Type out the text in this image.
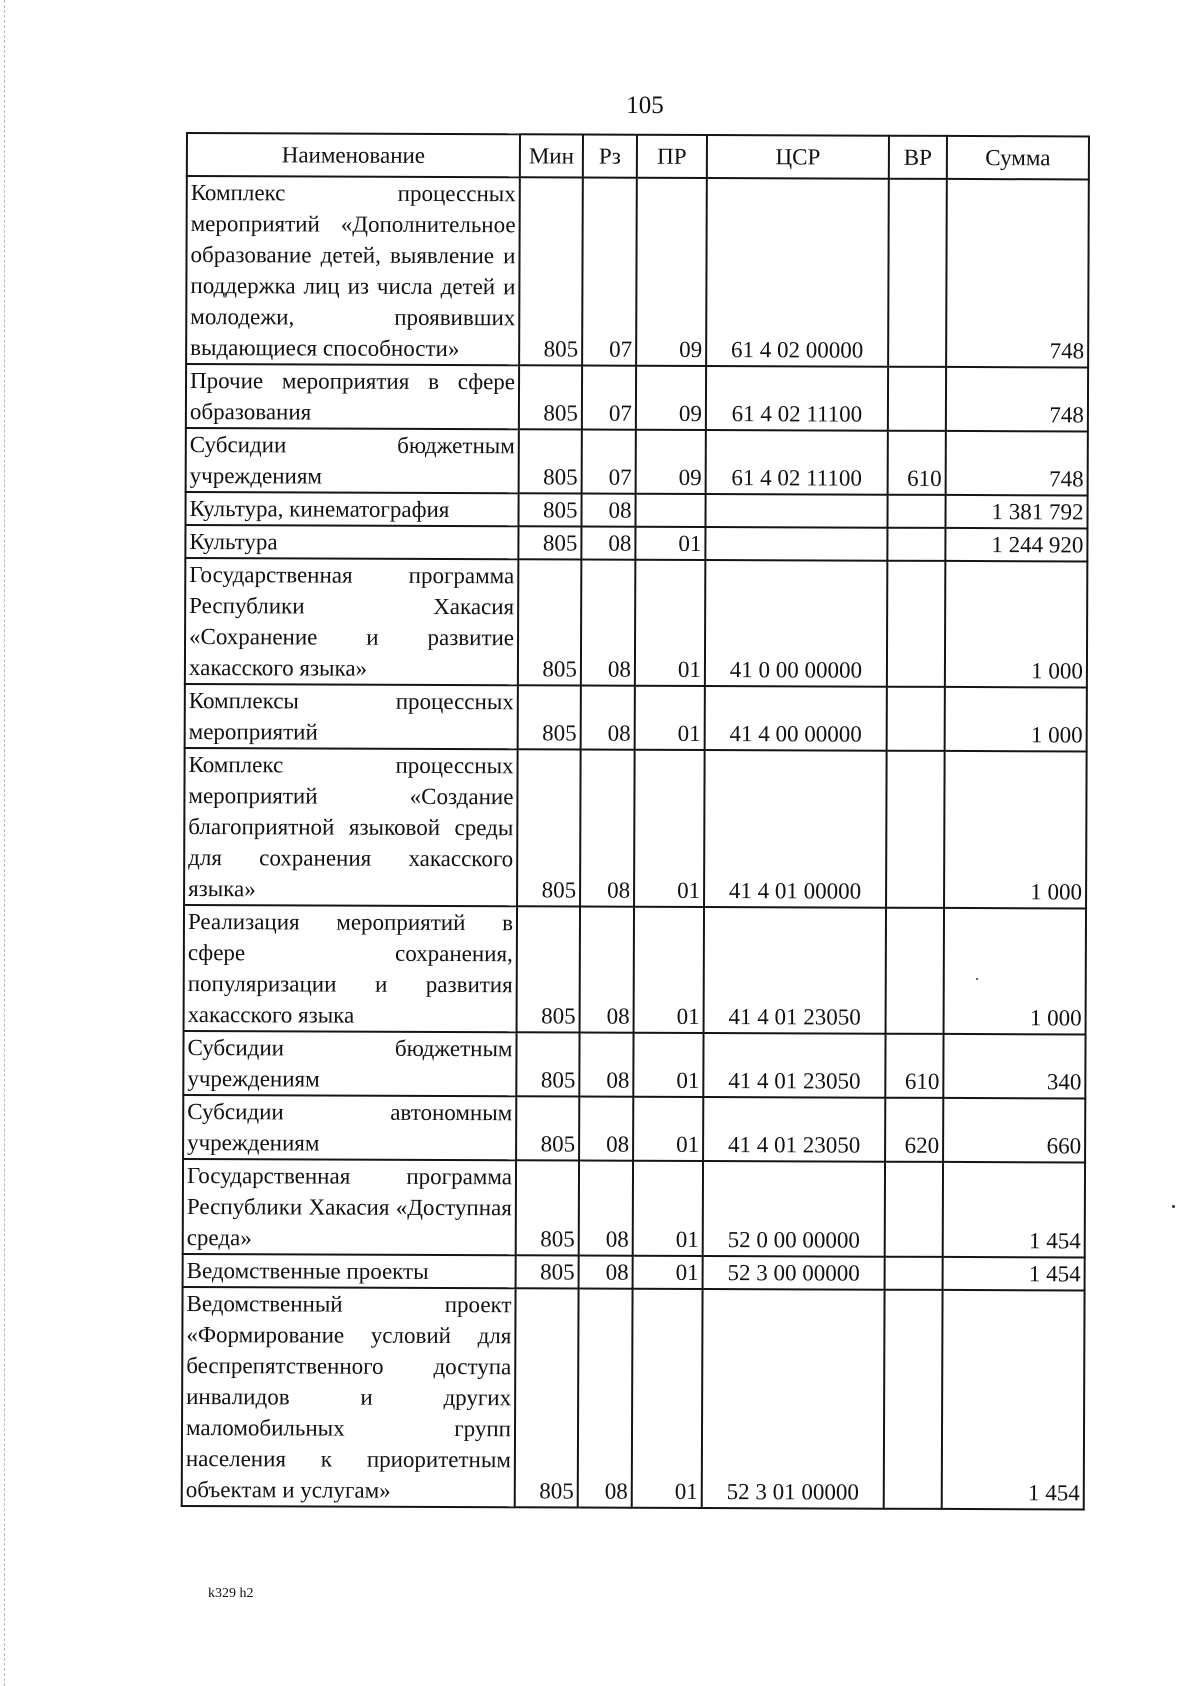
105
Наименование	Мин	Рз	ПР	ЦСР	ВР	Сумма
Комплекс процессных мероприятий «Дополнительное образование детей, выявление и поддержка лиц из числа детей и молодежи, проявивших выдающиеся способности»	805	07	09	61 4 02 00000		748
Прочие мероприятия в сфере образования	805	07	09	61 4 02 11100		748
Субсидии бюджетным учреждениям	805	07	09	61 4 02 11100	610	748
Культура, кинематография	805	08				1 381 792
Культура	805	08	01			1 244 920
Государственная программа Республики Хакасия «Сохранение и развитие хакасского языка»	805	08	01	41 0 00 00000		1 000
Комплексы процессных мероприятий	805	08	01	41 4 00 00000		1 000
Комплекс процессных мероприятий «Создание благоприятной языковой среды для сохранения хакасского языка»	805	08	01	41 4 01 00000		1 000
Реализация мероприятий в сфере сохранения, популяризации и развития хакасского языка	805	08	01	41 4 01 23050		1 000
Субсидии бюджетным учреждениям	805	08	01	41 4 01 23050	610	340
Субсидии автономным учреждениям	805	08	01	41 4 01 23050	620	660
Государственная программа Республики Хакасия «Доступная среда»	805	08	01	52 0 00 00000		1 454
Ведомственные проекты	805	08	01	52 3 00 00000		1 454
Ведомственный проект «Формирование условий для беспрепятственного доступа инвалидов и других маломобильных групп населения к приоритетным объектам и услугам»	805	08	01	52 3 01 00000		1 454
k329 h2
